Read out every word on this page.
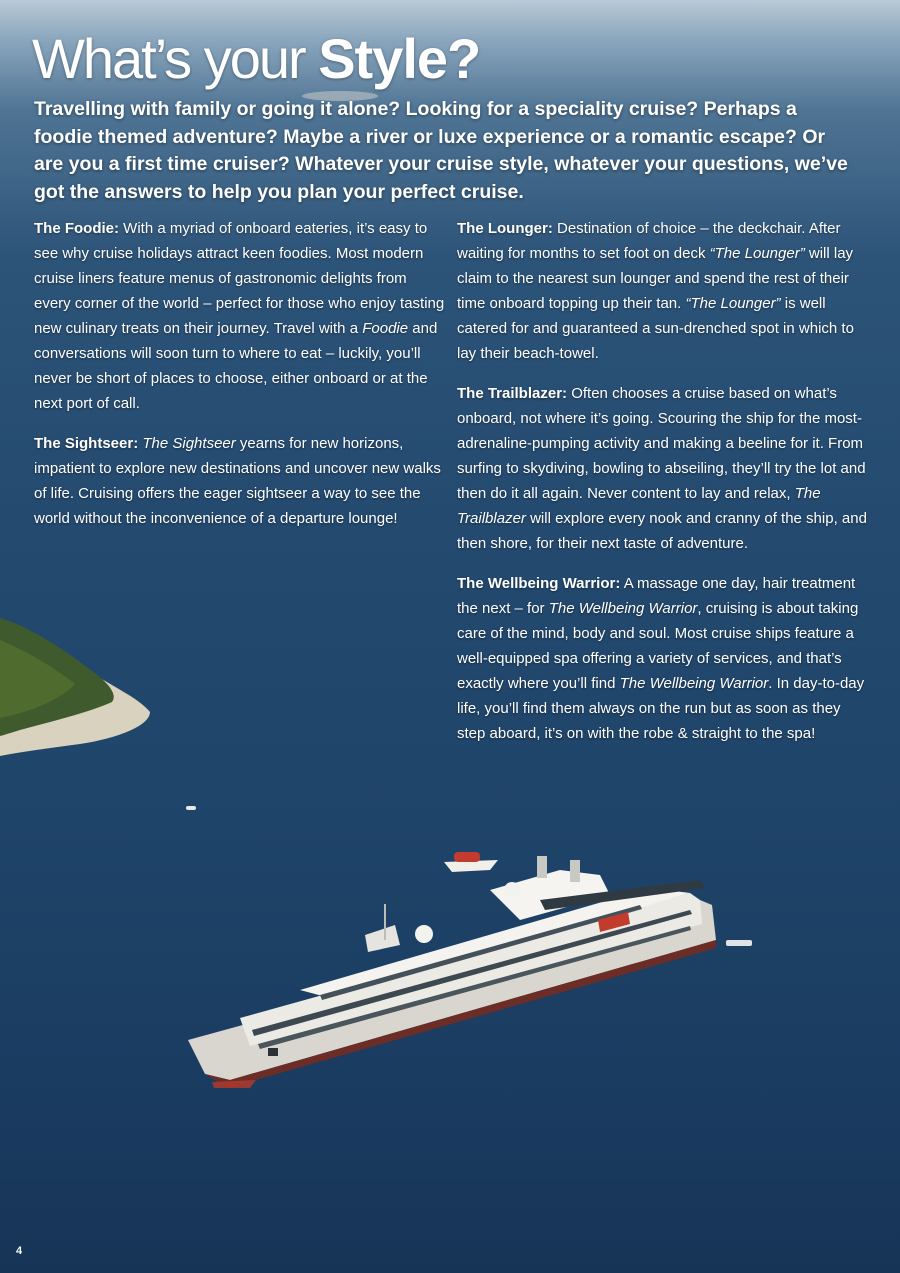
What’s your Style?

Travelling with family or going it alone? Looking for a speciality cruise? Perhaps a foodie themed adventure? Maybe a river or luxe experience or a romantic escape? Or are you a first time cruiser? Whatever your cruise style, whatever your questions, we’ve got the answers to help you plan your perfect cruise.

The Foodie: With a myriad of onboard eateries, it’s easy to see why cruise holidays attract keen foodies. Most modern cruise liners feature menus of gastronomic delights from every corner of the world – perfect for those who enjoy tasting new culinary treats on their journey. Travel with a Foodie and conversations will soon turn to where to eat – luckily, you’ll never be short of places to choose, either onboard or at the next port of call.

The Sightseer: The Sightseer yearns for new horizons, impatient to explore new destinations and uncover new walks of life. Cruising offers the eager sightseer a way to see the world without the inconvenience of a departure lounge!

The Lounger: Destination of choice – the deckchair. After waiting for months to set foot on deck “The Lounger” will lay claim to the nearest sun lounger and spend the rest of their time onboard topping up their tan. “The Lounger” is well catered for and guaranteed a sun-drenched spot in which to lay their beach-towel.

The Trailblazer: Often chooses a cruise based on what’s onboard, not where it’s going. Scouring the ship for the most-adrenaline-pumping activity and making a beeline for it. From surfing to skydiving, bowling to abseiling, they’ll try the lot and then do it all again. Never content to lay and relax, The Trailblazer will explore every nook and cranny of the ship, and then shore, for their next taste of adventure.

The Wellbeing Warrior: A massage one day, hair treatment the next – for The Wellbeing Warrior, cruising is about taking care of the mind, body and soul. Most cruise ships feature a well-equipped spa offering a variety of services, and that’s exactly where you’ll find The Wellbeing Warrior. In day-to-day life, you’ll find them always on the run but as soon as they step aboard, it’s on with the robe & straight to the spa!

4
